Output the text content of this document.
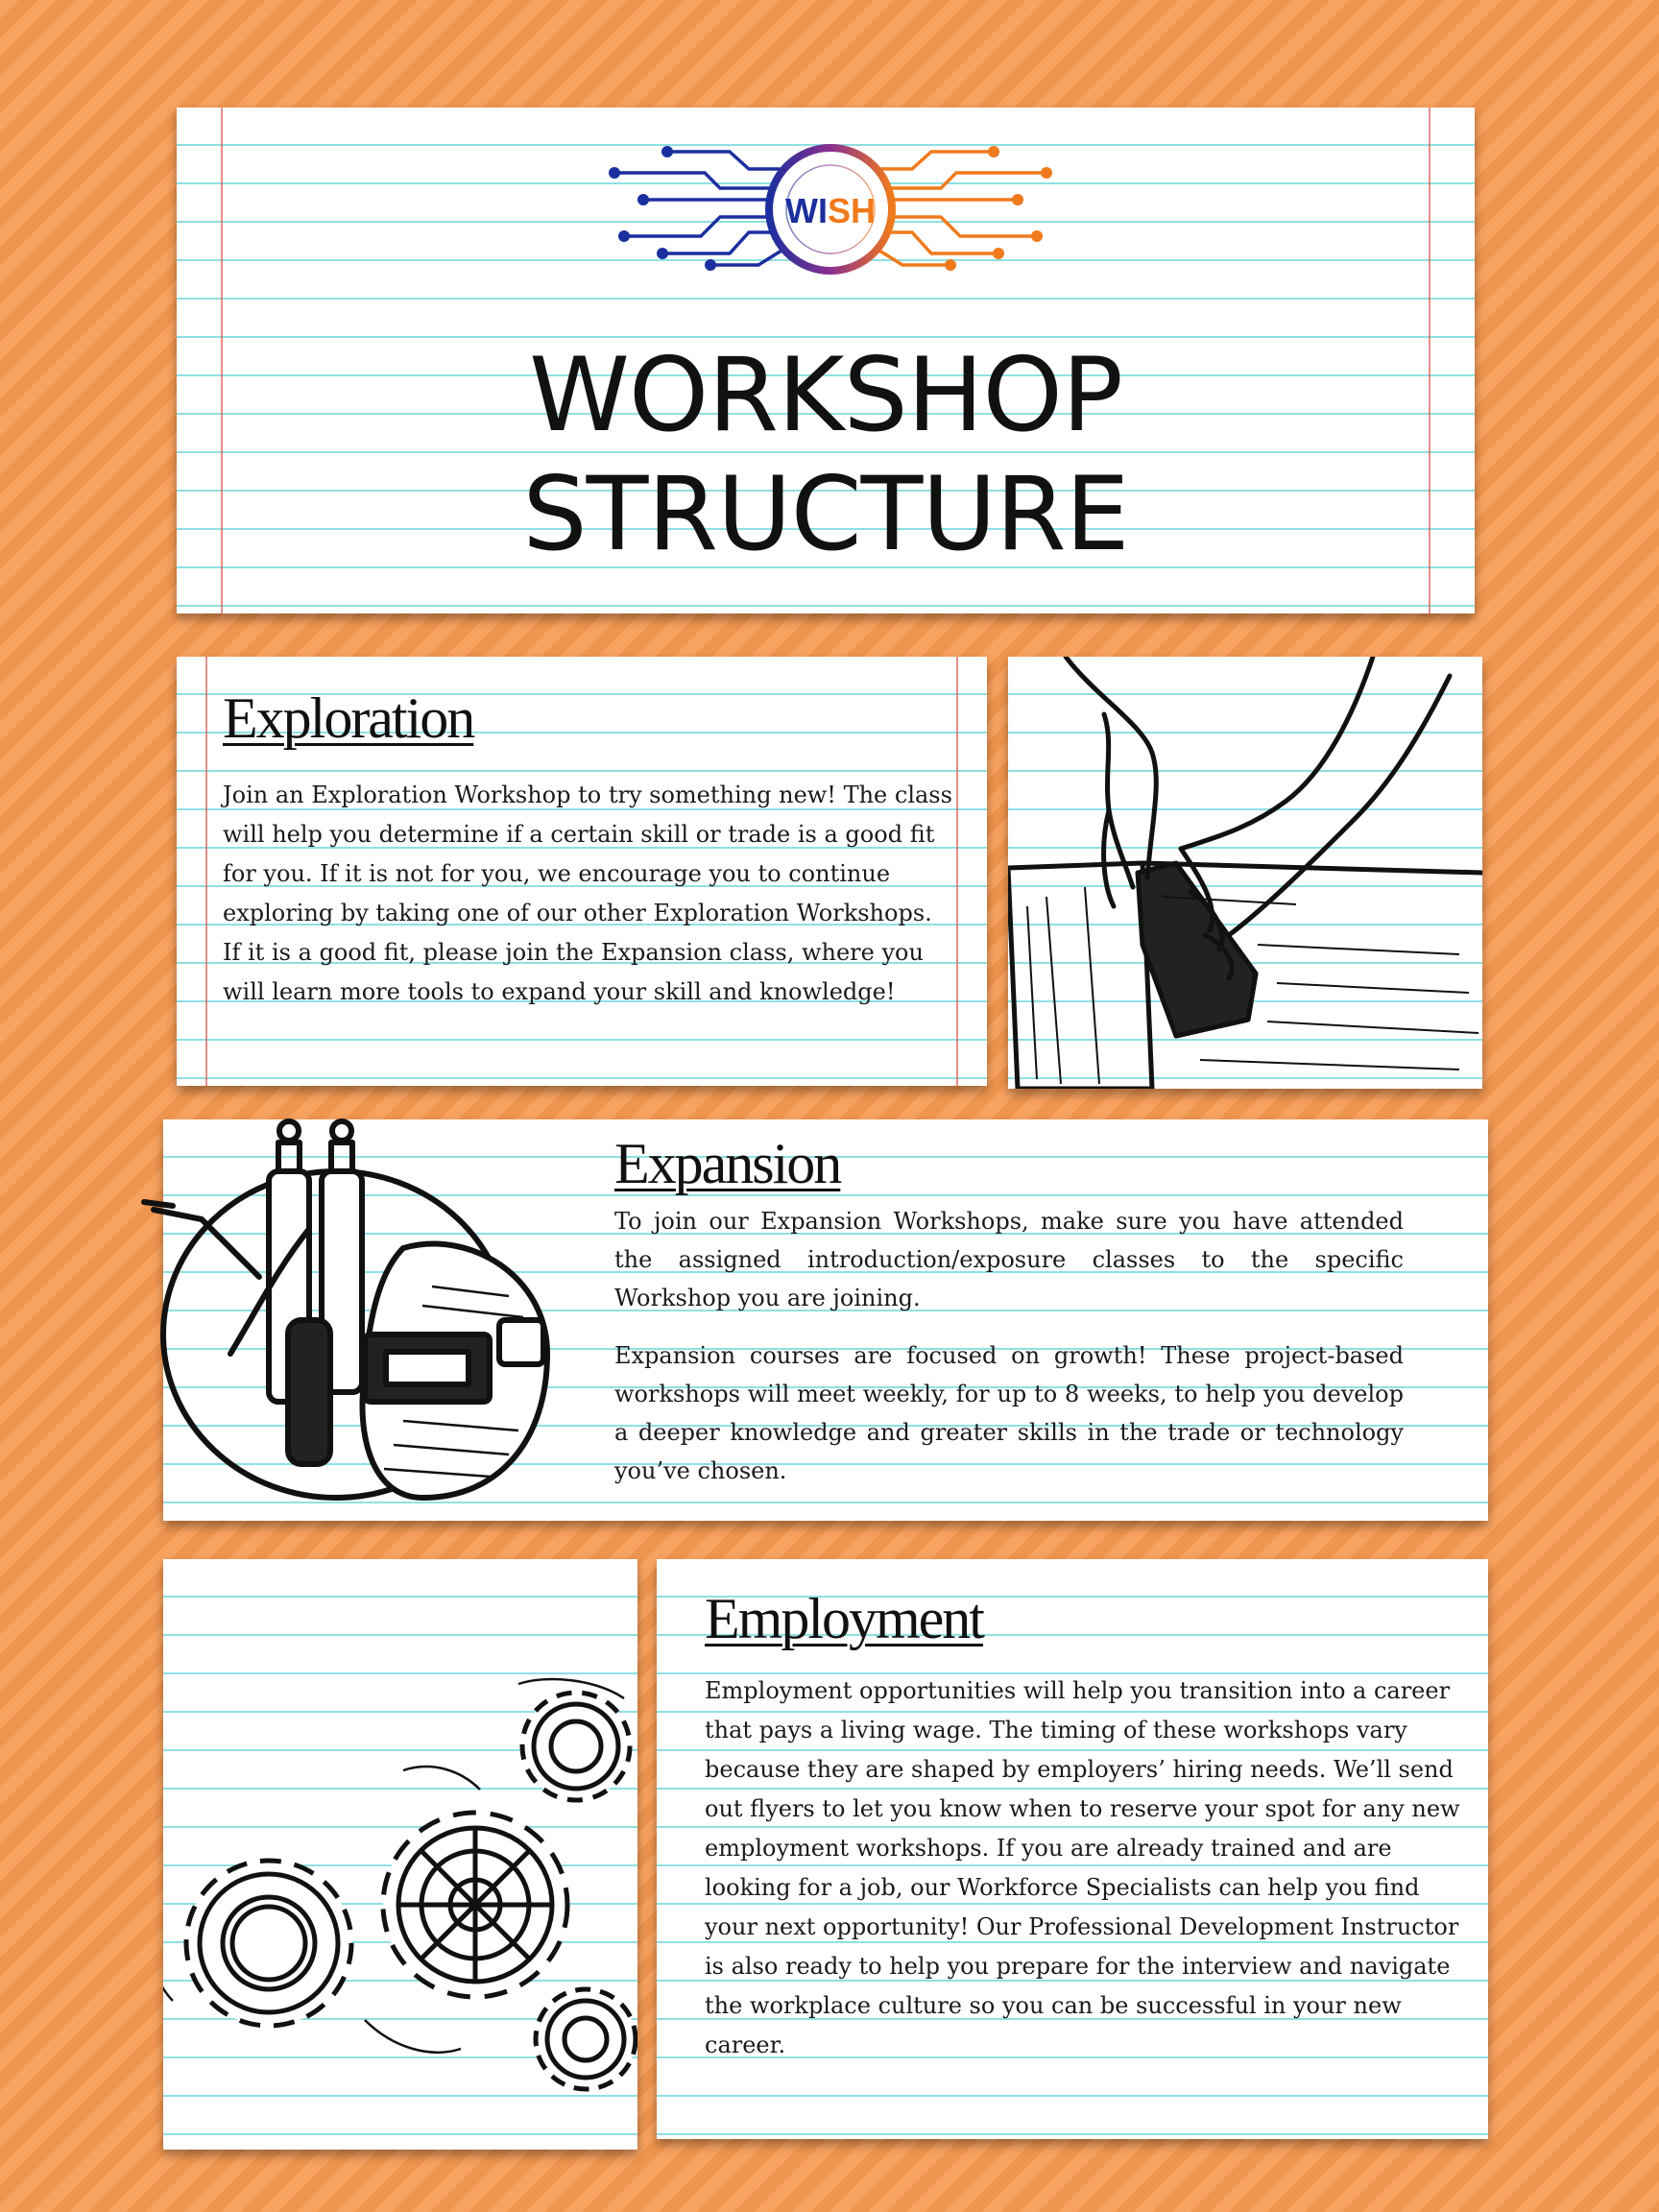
WISH
WORKSHOP
STRUCTURE
Exploration

Join an Exploration Workshop to try something new! The class will help you determine if a certain skill or trade is a good fit for you. If it is not for you, we encourage you to continue exploring by taking one of our other Exploration Workshops.

If it is a good fit, please join the Expansion class, where you will learn more tools to expand your skill and knowledge!

Expansion

To join our Expansion Workshops, make sure you have attended the assigned introduction/exposure classes to the specific Workshop you are joining.

Expansion courses are focused on growth! These project-based workshops will meet weekly, for up to 8 weeks, to help you develop a deeper knowledge and greater skills in the trade or technology you’ve chosen.

Employment

Employment opportunities will help you transition into a career that pays a living wage. The timing of these workshops vary because they are shaped by employers’ hiring needs. We’ll send out flyers to let you know when to reserve your spot for any new employment workshops. If you are already trained and are looking for a job, our Workforce Specialists can help you find your next opportunity! Our Professional Development Instructor is also ready to help you prepare for the interview and navigate the workplace culture so you can be successful in your new career.
